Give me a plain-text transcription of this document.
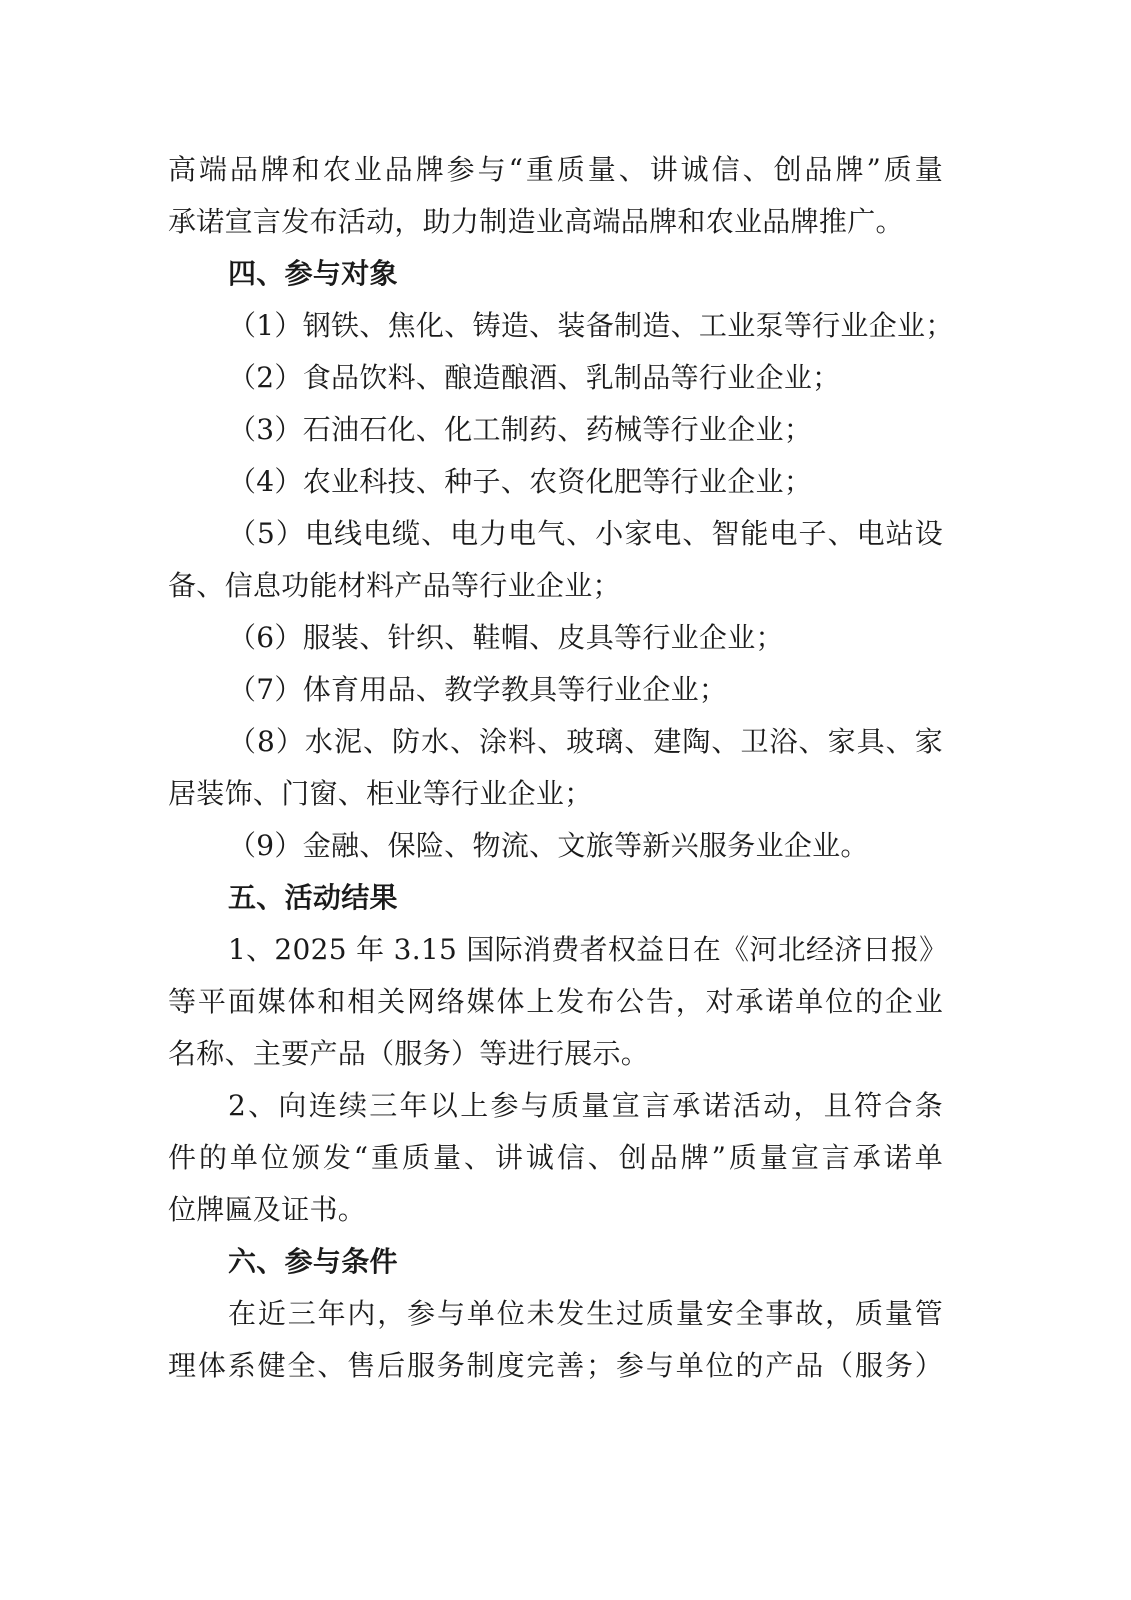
高端品牌和农业品牌参与“重质量、讲诚信、创品牌”质量
承诺宣言发布活动，助力制造业高端品牌和农业品牌推广。
四、参与对象
（1）钢铁、焦化、铸造、装备制造、工业泵等行业企业；
（2）食品饮料、酿造酿酒、乳制品等行业企业；
（3）石油石化、化工制药、药械等行业企业；
（4）农业科技、种子、农资化肥等行业企业；
（5）电线电缆、电力电气、小家电、智能电子、电站设
备、信息功能材料产品等行业企业；
（6）服装、针织、鞋帽、皮具等行业企业；
（7）体育用品、教学教具等行业企业；
（8）水泥、防水、涂料、玻璃、建陶、卫浴、家具、家
居装饰、门窗、柜业等行业企业；
（9）金融、保险、物流、文旅等新兴服务业企业。
五、活动结果
1、2025 年 3.15 国际消费者权益日在《河北经济日报》
等平面媒体和相关网络媒体上发布公告，对承诺单位的企业
名称、主要产品（服务）等进行展示。
2、向连续三年以上参与质量宣言承诺活动，且符合条
件的单位颁发“重质量、讲诚信、创品牌”质量宣言承诺单
位牌匾及证书。
六、参与条件
在近三年内，参与单位未发生过质量安全事故，质量管
理体系健全、售后服务制度完善；参与单位的产品（服务）
